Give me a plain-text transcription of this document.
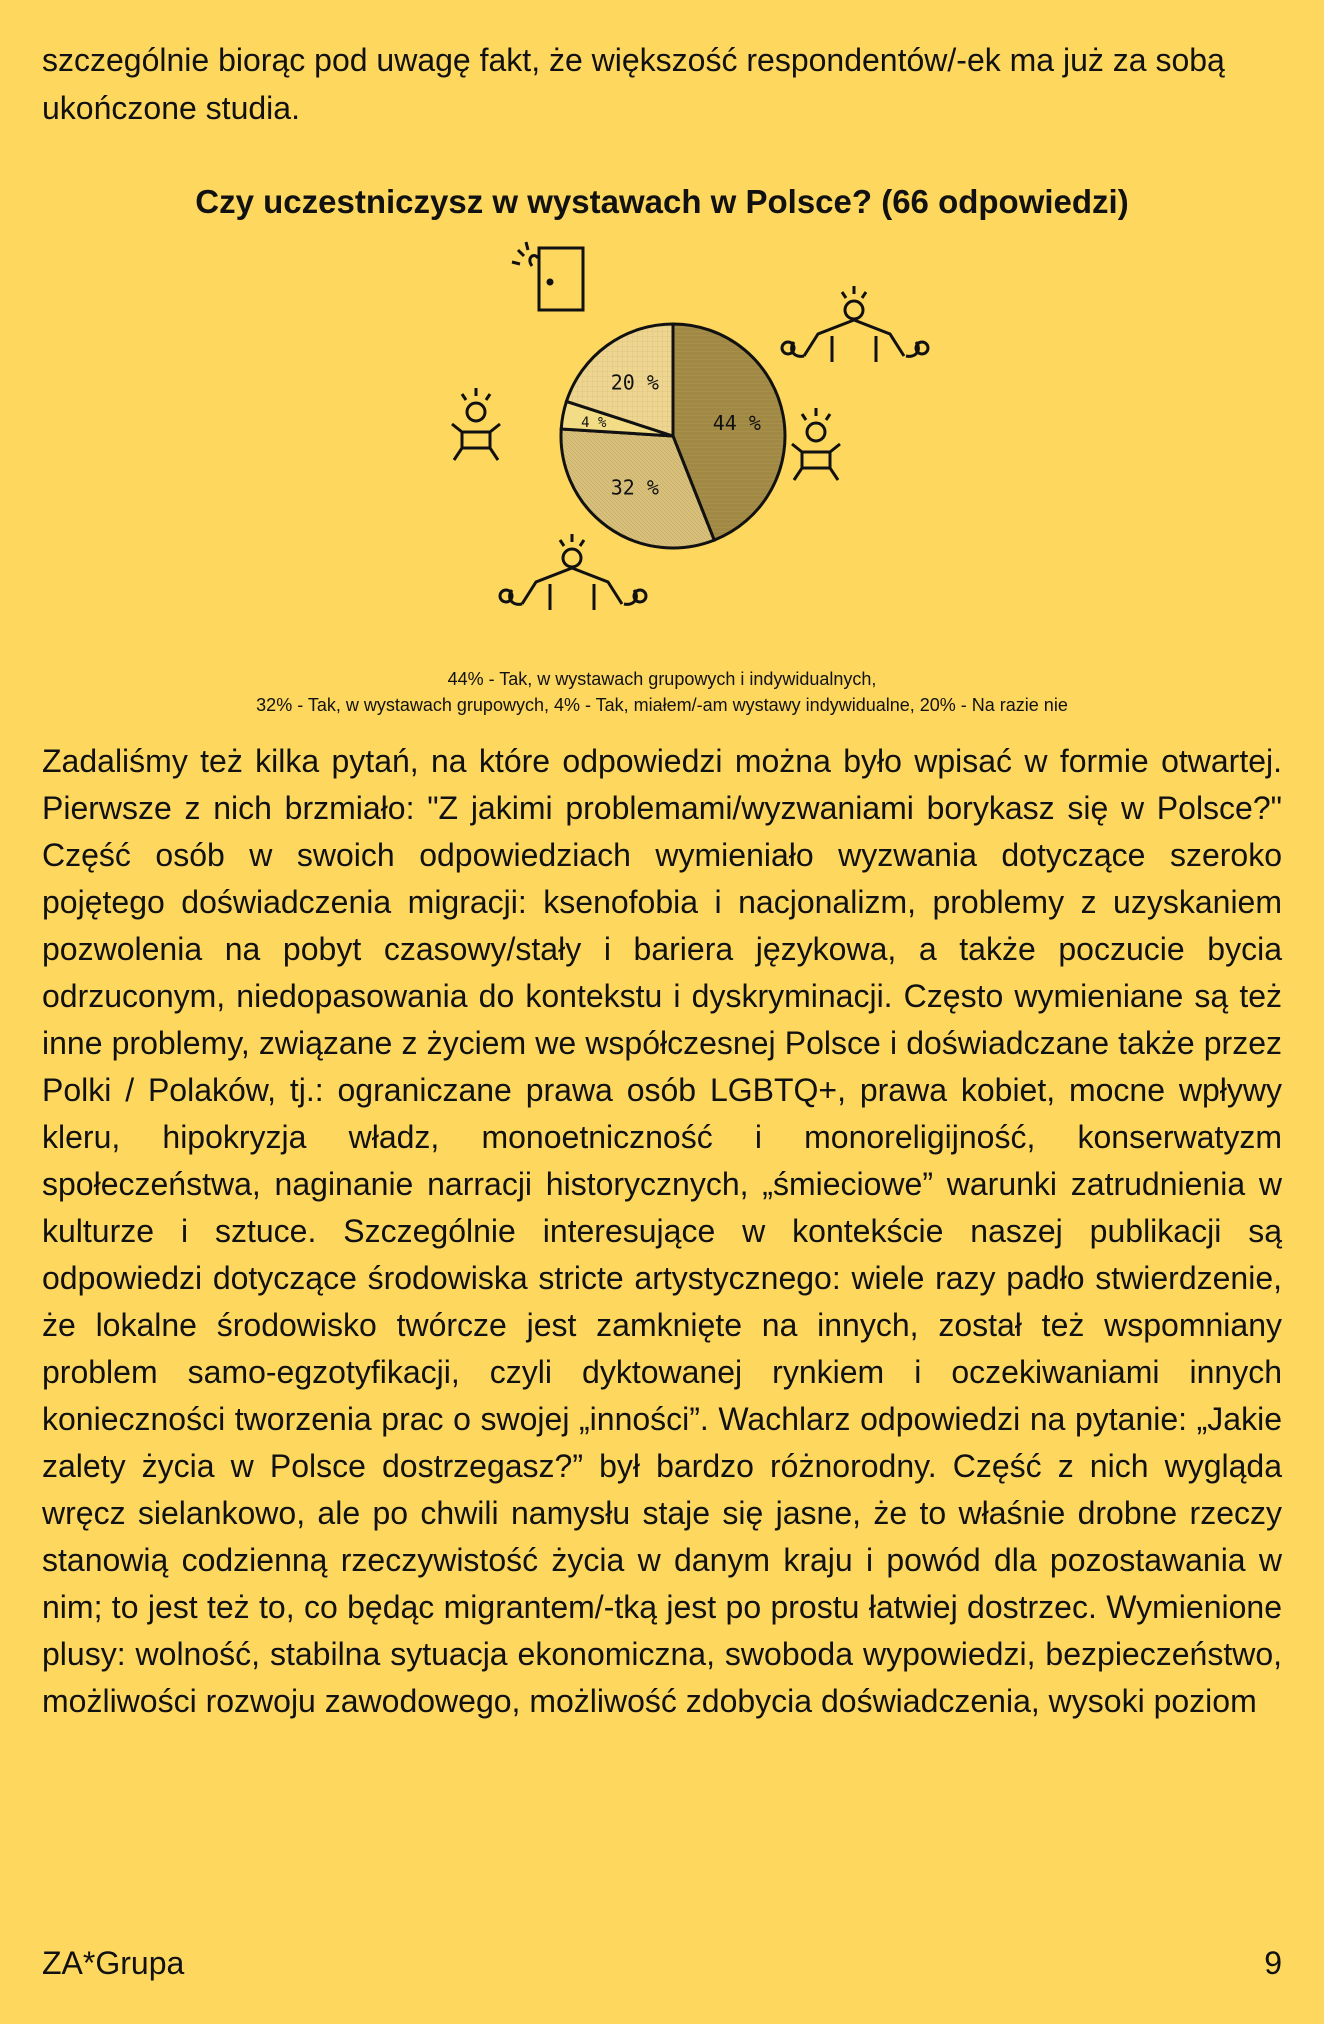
szczególnie biorąc pod uwagę fakt, że większość respondentów/-ek ma już za sobą ukończone studia.

Czy uczestniczysz w wystawach w Polsce? (66 odpowiedzi)
44 %
32 %
4 %
20 %
44% - Tak, w wystawach grupowych i indywidualnych,
32% - Tak, w wystawach grupowych, 4% - Tak, miałem/-am wystawy indywidualne, 20% - Na razie nie

Zadaliśmy też kilka pytań, na które odpowiedzi można było wpisać w formie otwartej. Pierwsze z nich brzmiało: "Z jakimi problemami/wyzwaniami borykasz się w Polsce?" Część osób w swoich odpowiedziach wymieniało wyzwania dotyczące szeroko pojętego doświadczenia migracji: ksenofobia i nacjonalizm, problemy z uzyskaniem pozwolenia na pobyt czasowy/stały i bariera językowa, a także poczucie bycia odrzuconym, niedopasowania do kontekstu i dyskryminacji. Często wymieniane są też inne problemy, związane z życiem we współczesnej Polsce i doświadczane także przez Polki / Polaków, tj.: ograniczane prawa osób LGBTQ+, prawa kobiet, mocne wpływy kleru, hipokryzja władz, monoetniczność i monoreligijność, konserwatyzm społeczeństwa, naginanie narracji historycznych, „śmieciowe” warunki zatrudnienia w kulturze i sztuce. Szczególnie interesujące w kontekście naszej publikacji są odpowiedzi dotyczące środowiska stricte artystycznego: wiele razy padło stwierdzenie, że lokalne środowisko twórcze jest zamknięte na innych, został też wspomniany problem samo-egzotyfikacji, czyli dyktowanej rynkiem i oczekiwaniami innych konieczności tworzenia prac o swojej „inności”. Wachlarz odpowiedzi na pytanie: „Jakie zalety życia w Polsce dostrzegasz?” był bardzo różnorodny. Część z nich wygląda wręcz sielankowo, ale po chwili namysłu staje się jasne, że to właśnie drobne rzeczy stanowią codzienną rzeczywistość życia w danym kraju i powód dla pozostawania w nim; to jest też to, co będąc migrantem/-tką jest po prostu łatwiej dostrzec. Wymienione plusy: wolność, stabilna sytuacja ekonomiczna, swoboda wypowiedzi, bezpieczeństwo, możliwości rozwoju zawodowego, możliwość zdobycia doświadczenia, wysoki poziom

ZA*Grupa	9
